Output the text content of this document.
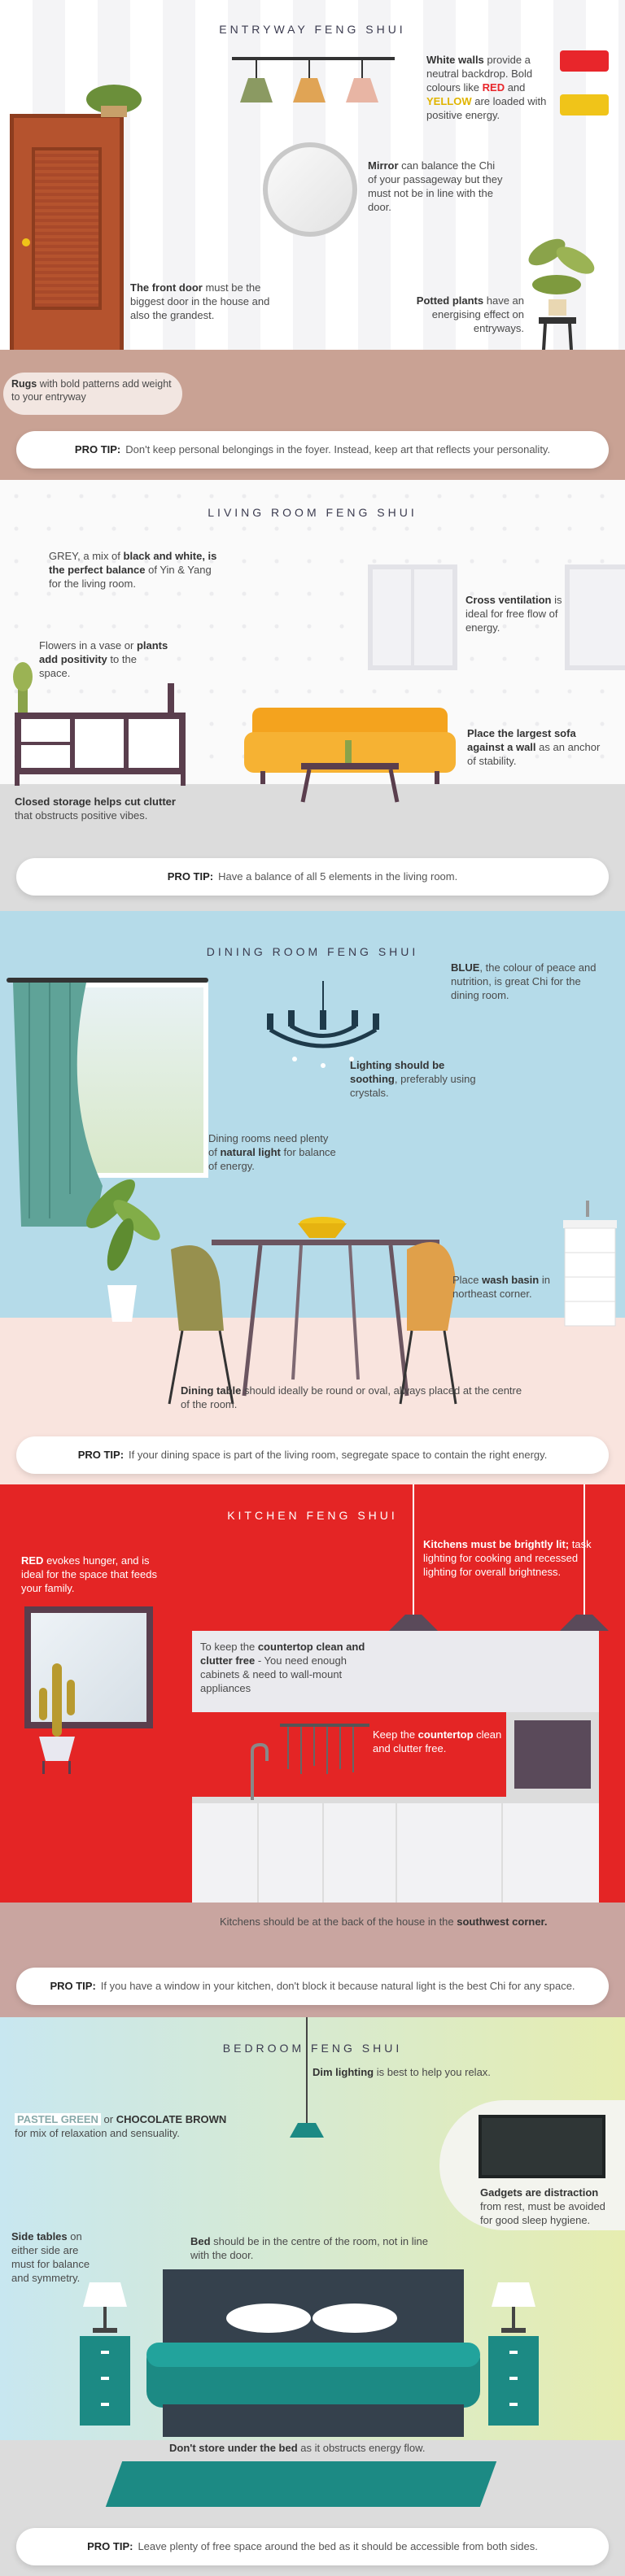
ENTRYWAY FENG SHUI
White walls provide a neutral backdrop. Bold colours like RED and YELLOW are loaded with positive energy.
Mirror can balance the Chi of your passageway but they must not be in line with the door.
The front door must be the biggest door in the house and also the grandest.
Potted plants have an energising effect on entryways.
Rugs with bold patterns add weight to your entryway
PRO TIP: Don't keep personal belongings in the foyer. Instead, keep art that reflects your personality.
LIVING ROOM FENG SHUI
GREY, a mix of black and white, is the perfect balance of Yin & Yang for the living room.
Cross ventilation is ideal for free flow of energy.
Flowers in a vase or plants add positivity to the space.
Place the largest sofa against a wall as an anchor of stability.
Closed storage helps cut clutter that obstructs positive vibes.
PRO TIP: Have a balance of all 5 elements in the living room.
DINING ROOM FENG SHUI
BLUE, the colour of peace and nutrition, is great Chi for the dining room.
Lighting should be soothing, preferably using crystals.
Dining rooms need plenty of natural light for balance of energy.
Place wash basin in northeast corner.
Dining table should ideally be round or oval, always placed at the centre of the room.
PRO TIP: If your dining space is part of the living room, segregate space to contain the right energy.
KITCHEN FENG SHUI
RED evokes hunger, and is ideal for the space that feeds your family.
Kitchens must be brightly lit; task lighting for cooking and recessed lighting for overall brightness.
To keep the countertop clean and clutter free - You need enough cabinets & need to wall-mount appliances
Keep the countertop clean and clutter free.
Kitchens should be at the back of the house in the southwest corner.
PRO TIP: If you have a window in your kitchen, don't block it because natural light is the best Chi for any space.
BEDROOM FENG SHUI
Dim lighting is best to help you relax.
PASTEL GREEN or CHOCOLATE BROWN
for mix of relaxation and sensuality.
Gadgets are distraction from rest, must be avoided for good sleep hygiene.
Side tables on either side are must for balance and symmetry.
Bed should be in the centre of the room, not in line with the door.
Don't store under the bed as it obstructs energy flow.
PRO TIP: Leave plenty of free space around the bed as it should be accessible from both sides.
